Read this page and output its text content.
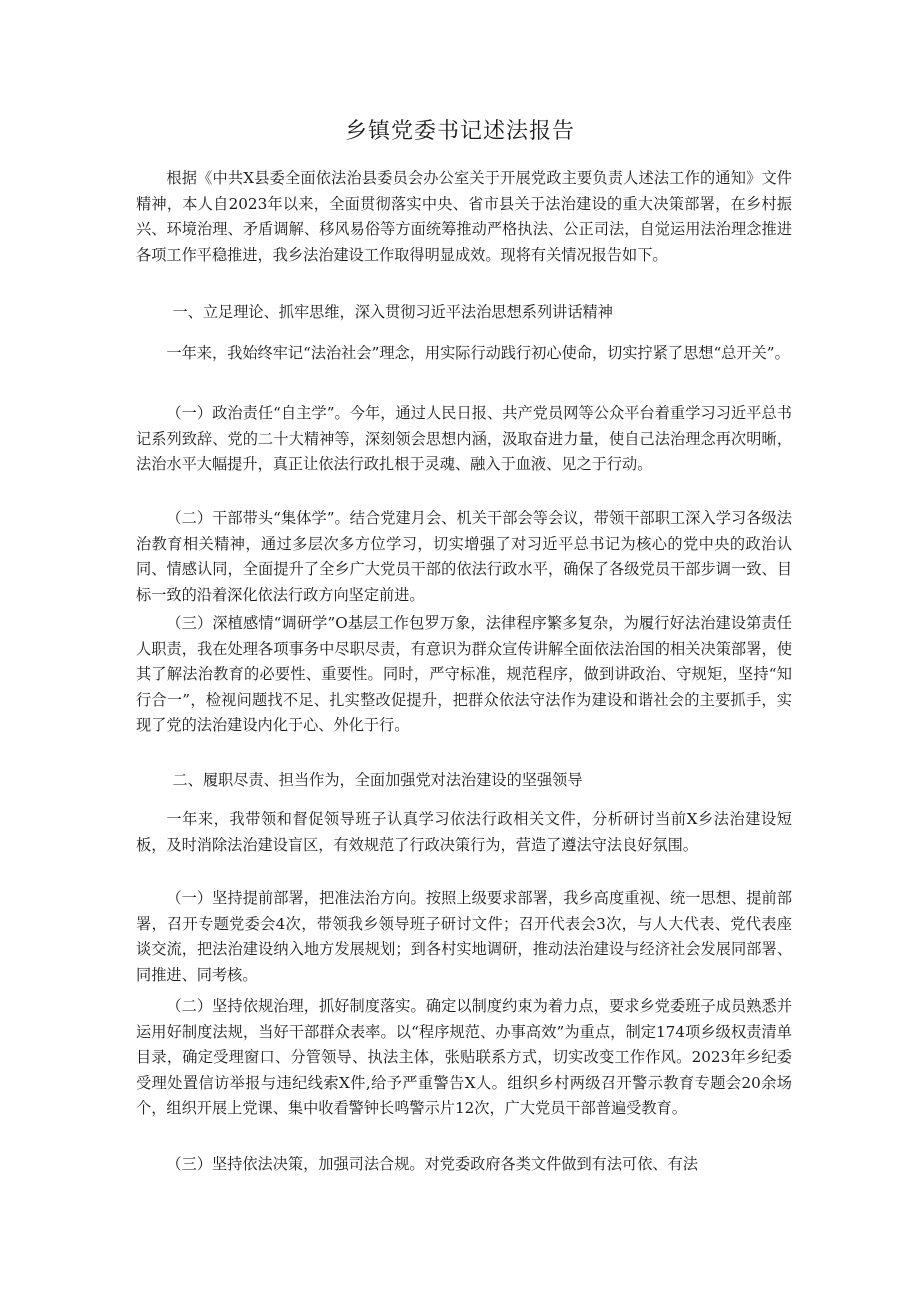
乡镇党委书记述法报告

根据《中共X县委全面依法治县委员会办公室关于开展党政主要负责人述法工作的通知》文件精神，本人自2023年以来，全面贯彻落实中央、省市县关于法治建设的重大决策部署，在乡村振兴、环境治理、矛盾调解、移风易俗等方面统筹推动严格执法、公正司法，自觉运用法治理念推进各项工作平稳推进，我乡法治建设工作取得明显成效。现将有关情况报告如下。

一、立足理论、抓牢思维，深入贯彻习近平法治思想系列讲话精神

一年来，我始终牢记“法治社会”理念，用实际行动践行初心使命，切实拧紧了思想“总开关”。

（一）政治责任“自主学”。今年，通过人民日报、共产党员网等公众平台着重学习习近平总书记系列致辞、党的二十大精神等，深刻领会思想内涵，汲取奋进力量，使自己法治理念再次明晰，法治水平大幅提升，真正让依法行政扎根于灵魂、融入于血液、见之于行动。

（二）干部带头“集体学”。结合党建月会、机关干部会等会议，带领干部职工深入学习各级法治教育相关精神，通过多层次多方位学习，切实增强了对习近平总书记为核心的党中央的政治认同、情感认同，全面提升了全乡广大党员干部的依法行政水平，确保了各级党员干部步调一致、目标一致的沿着深化依法行政方向坚定前进。

（三）深植感情“调研学”O基层工作包罗万象，法律程序繁多复杂，为履行好法治建设第责任人职责，我在处理各项事务中尽职尽责，有意识为群众宣传讲解全面依法治国的相关决策部署，使其了解法治教育的必要性、重要性。同时，严守标准，规范程序，做到讲政治、守规矩，坚持“知行合一”，检视问题找不足、扎实整改促提升，把群众依法守法作为建设和谐社会的主要抓手，实现了党的法治建设内化于心、外化于行。

二、履职尽责、担当作为，全面加强党对法治建设的坚强领导

一年来，我带领和督促领导班子认真学习依法行政相关文件，分析研讨当前X乡法治建设短板，及时消除法治建设盲区，有效规范了行政决策行为，营造了遵法守法良好氛围。

（一）坚持提前部署，把准法治方向。按照上级要求部署，我乡高度重视、统一思想、提前部署，召开专题党委会4次，带领我乡领导班子研讨文件；召开代表会3次，与人大代表、党代表座谈交流，把法治建设纳入地方发展规划；到各村实地调研，推动法治建设与经济社会发展同部署、同推进、同考核。

（二）坚持依规治理，抓好制度落实。确定以制度约束为着力点，要求乡党委班子成员熟悉并运用好制度法规，当好干部群众表率。以“程序规范、办事高效”为重点，制定174项乡级权责清单目录，确定受理窗口、分管领导、执法主体，张贴联系方式，切实改变工作作风。2023年乡纪委受理处置信访举报与违纪线索X件,给予严重警告X人。组织乡村两级召开警示教育专题会20余场个，组织开展上党课、集中收看警钟长鸣警示片12次，广大党员干部普遍受教育。

（三）坚持依法决策，加强司法合规。对党委政府各类文件做到有法可依、有法
